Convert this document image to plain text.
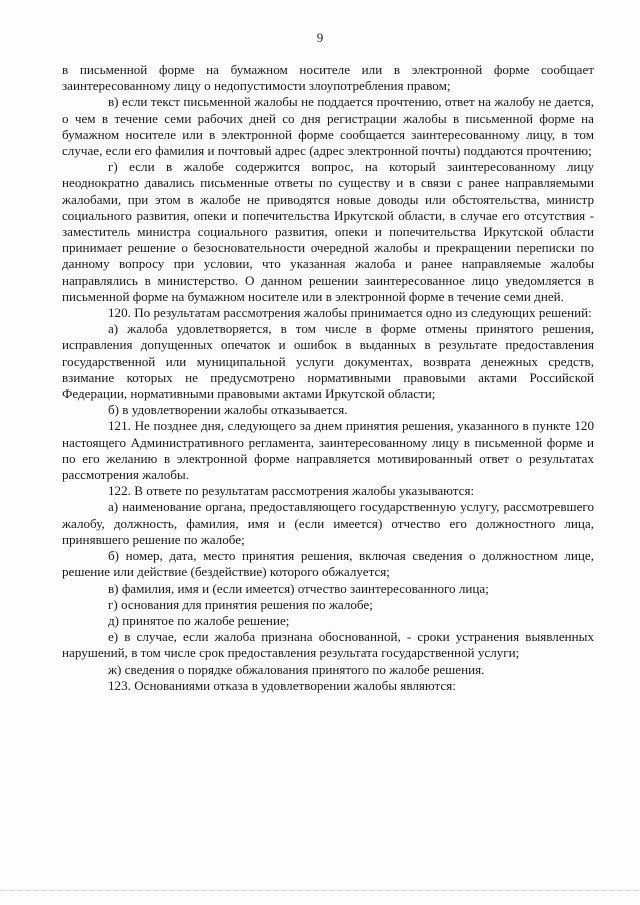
9

в письменной форме на бумажном носителе или в электронной форме сообщает заинтересованному лицу о недопустимости злоупотребления правом;

в) если текст письменной жалобы не поддается прочтению, ответ на жалобу не дается, о чем в течение семи рабочих дней со дня регистрации жалобы в письменной форме на бумажном носителе или в электронной форме сообщается заинтересованному лицу, в том случае, если его фамилия и почтовый адрес (адрес электронной почты) поддаются прочтению;

г) если в жалобе содержится вопрос, на который заинтересованному лицу неоднократно давались письменные ответы по существу и в связи с ранее направляемыми жалобами, при этом в жалобе не приводятся новые доводы или обстоятельства, министр социального развития, опеки и попечительства Иркутской области, в случае его отсутствия - заместитель министра социального развития, опеки и попечительства Иркутской области принимает решение о безосновательности очередной жалобы и прекращении переписки по данному вопросу при условии, что указанная жалоба и ранее направляемые жалобы направлялись в министерство. О данном решении заинтересованное лицо уведомляется в письменной форме на бумажном носителе или в электронной форме в течение семи дней.

120. По результатам рассмотрения жалобы принимается одно из следующих решений:

а) жалоба удовлетворяется, в том числе в форме отмены принятого решения, исправления допущенных опечаток и ошибок в выданных в результате предоставления государственной или муниципальной услуги документах, возврата денежных средств, взимание которых не предусмотрено нормативными правовыми актами Российской Федерации, нормативными правовыми актами Иркутской области;

б) в удовлетворении жалобы отказывается.

121. Не позднее дня, следующего за днем принятия решения, указанного в пункте 120 настоящего Административного регламента, заинтересованному лицу в письменной форме и по его желанию в электронной форме направляется мотивированный ответ о результатах рассмотрения жалобы.

122. В ответе по результатам рассмотрения жалобы указываются:

а) наименование органа, предоставляющего государственную услугу, рассмотревшего жалобу, должность, фамилия, имя и (если имеется) отчество его должностного лица, принявшего решение по жалобе;

б) номер, дата, место принятия решения, включая сведения о должностном лице, решение или действие (бездействие) которого обжалуется;

в) фамилия, имя и (если имеется) отчество заинтересованного лица;

г) основания для принятия решения по жалобе;

д) принятое по жалобе решение;

е) в случае, если жалоба признана обоснованной, - сроки устранения выявленных нарушений, в том числе срок предоставления результата государственной услуги;

ж) сведения о порядке обжалования принятого по жалобе решения.

123. Основаниями отказа в удовлетворении жалобы являются:
